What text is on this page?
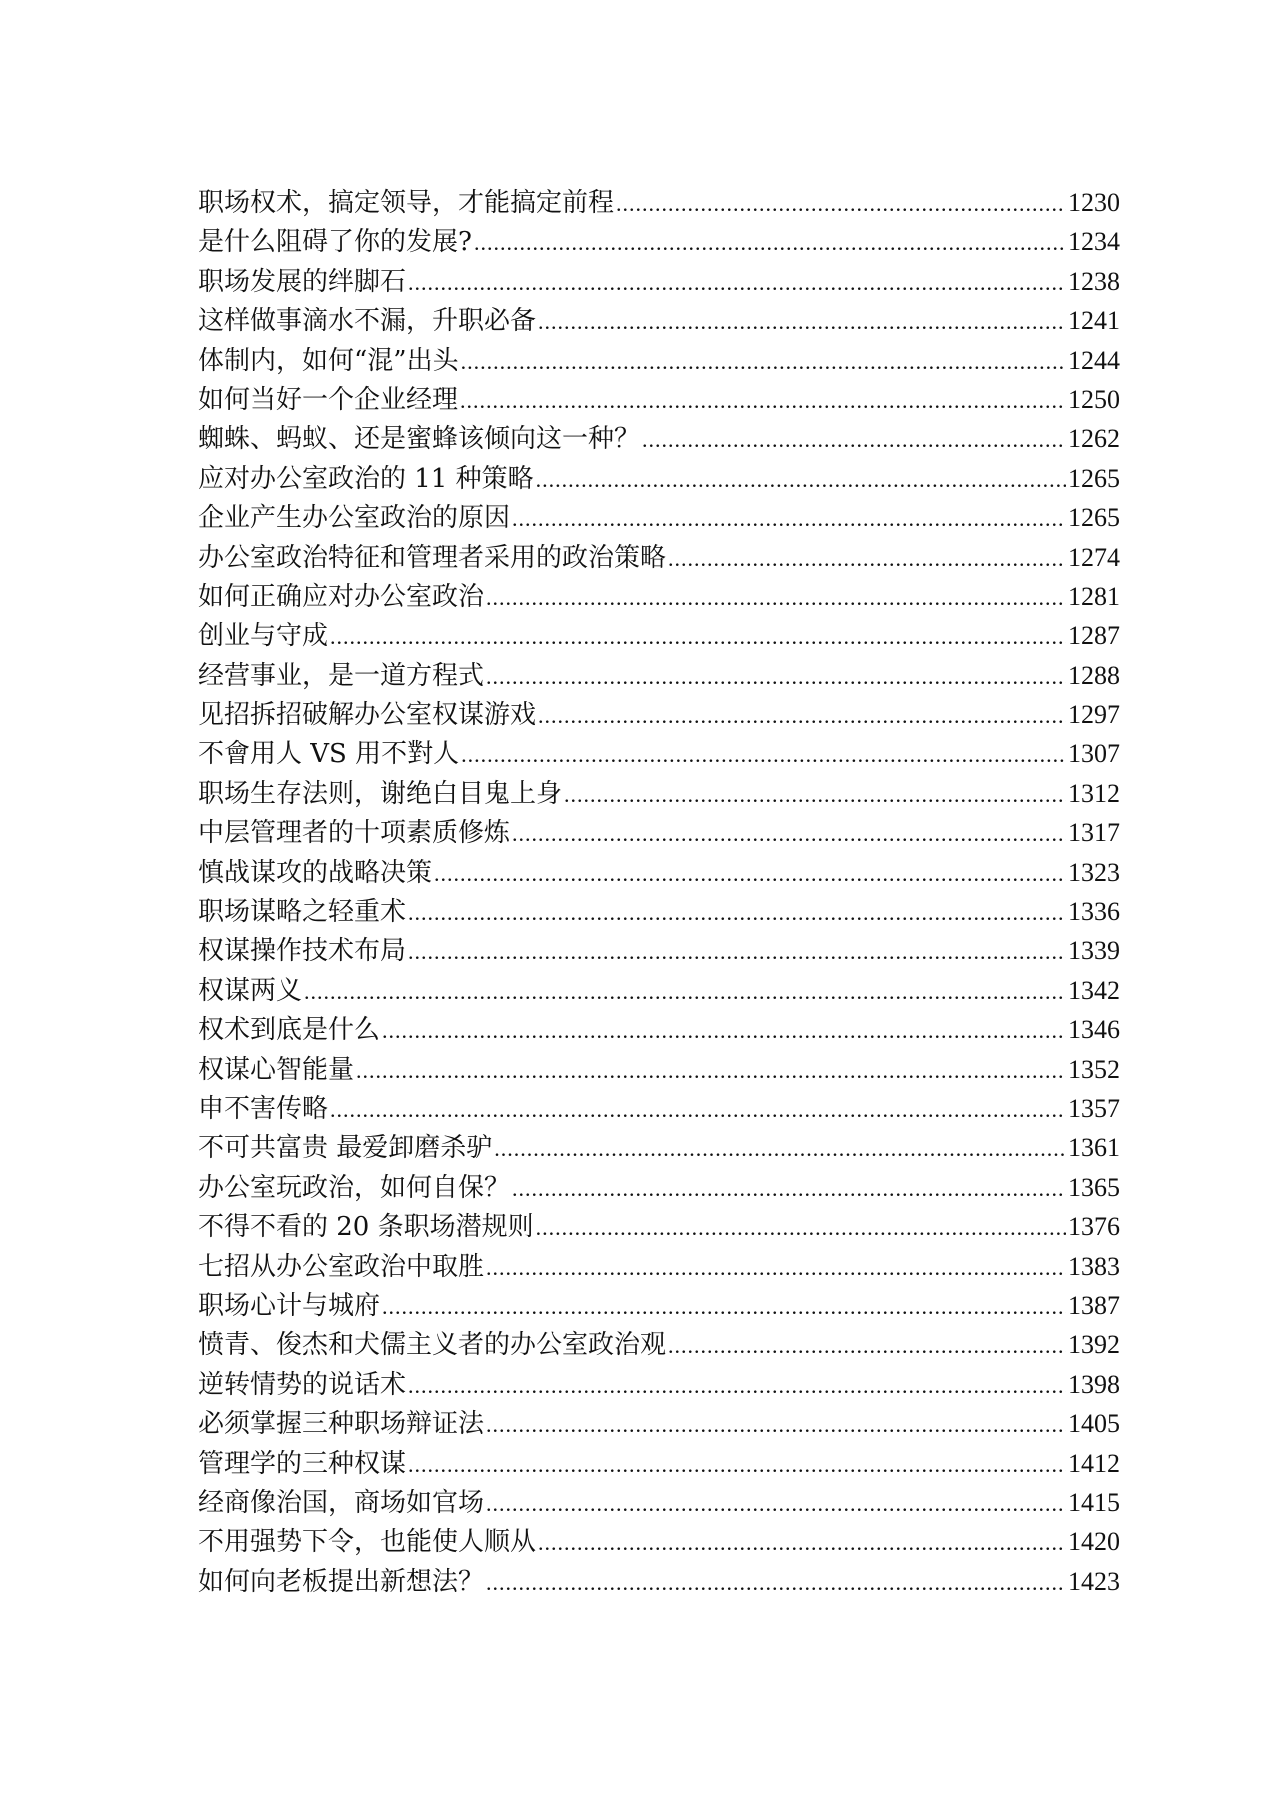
职场权术，搞定领导，才能搞定前程 .....	1230
是什么阻碍了你的发展? .....	1234
职场发展的绊脚石 .....	1238
这样做事滴水不漏，升职必备 .....	1241
体制内，如何“混”出头 .....	1244
如何当好一个企业经理 .....	1250
蜘蛛、蚂蚁、还是蜜蜂该倾向这一种？ .....	1262
应对办公室政治的 11 种策略 .....	1265
企业产生办公室政治的原因 .....	1265
办公室政治特征和管理者采用的政治策略 .....	1274
如何正确应对办公室政治 .....	1281
创业与守成 .....	1287
经营事业，是一道方程式 .....	1288
见招拆招破解办公室权谋游戏 .....	1297
不會用人 VS 用不對人 .....	1307
职场生存法则，谢绝白目鬼上身 .....	1312
中层管理者的十项素质修炼 .....	1317
慎战谋攻的战略决策 .....	1323
职场谋略之轻重术 .....	1336
权谋操作技术布局 .....	1339
权谋两义 .....	1342
权术到底是什么 .....	1346
权谋心智能量 .....	1352
申不害传略 .....	1357
不可共富贵 最爱卸磨杀驴 .....	1361
办公室玩政治，如何自保？ .....	1365
不得不看的 20 条职场潜规则 .....	1376
七招从办公室政治中取胜 .....	1383
职场心计与城府 .....	1387
愤青、俊杰和犬儒主义者的办公室政治观 .....	1392
逆转情势的说话术 .....	1398
必须掌握三种职场辩证法 .....	1405
管理学的三种权谋 .....	1412
经商像治国，商场如官场 .....	1415
不用强势下令，也能使人顺从 .....	1420
如何向老板提出新想法？ .....	1423
